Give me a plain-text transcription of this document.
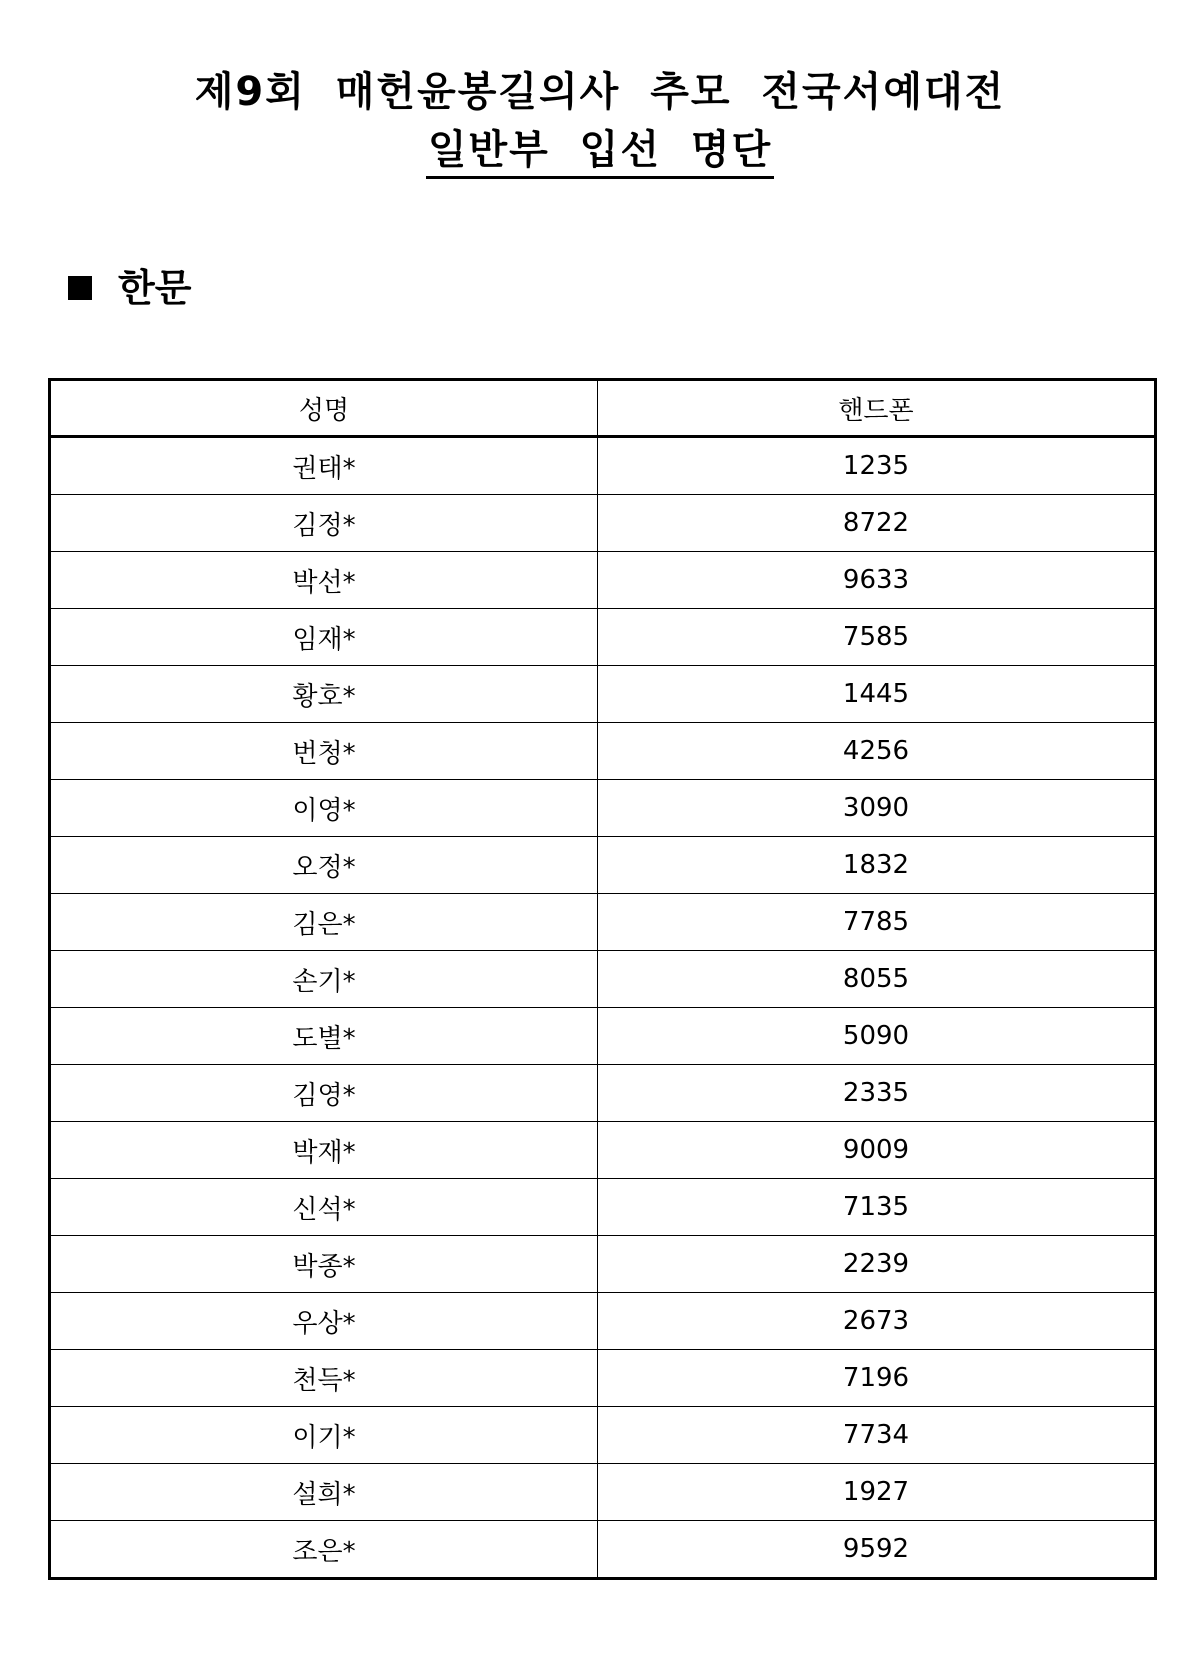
제9회 매헌윤봉길의사 추모 전국서예대전
일반부 입선 명단
한문
성명	핸드폰
권태*	1235
김정*	8722
박선*	9633
임재*	7585
황호*	1445
번청*	4256
이영*	3090
오정*	1832
김은*	7785
손기*	8055
도별*	5090
김영*	2335
박재*	9009
신석*	7135
박종*	2239
우상*	2673
천득*	7196
이기*	7734
설희*	1927
조은*	9592
